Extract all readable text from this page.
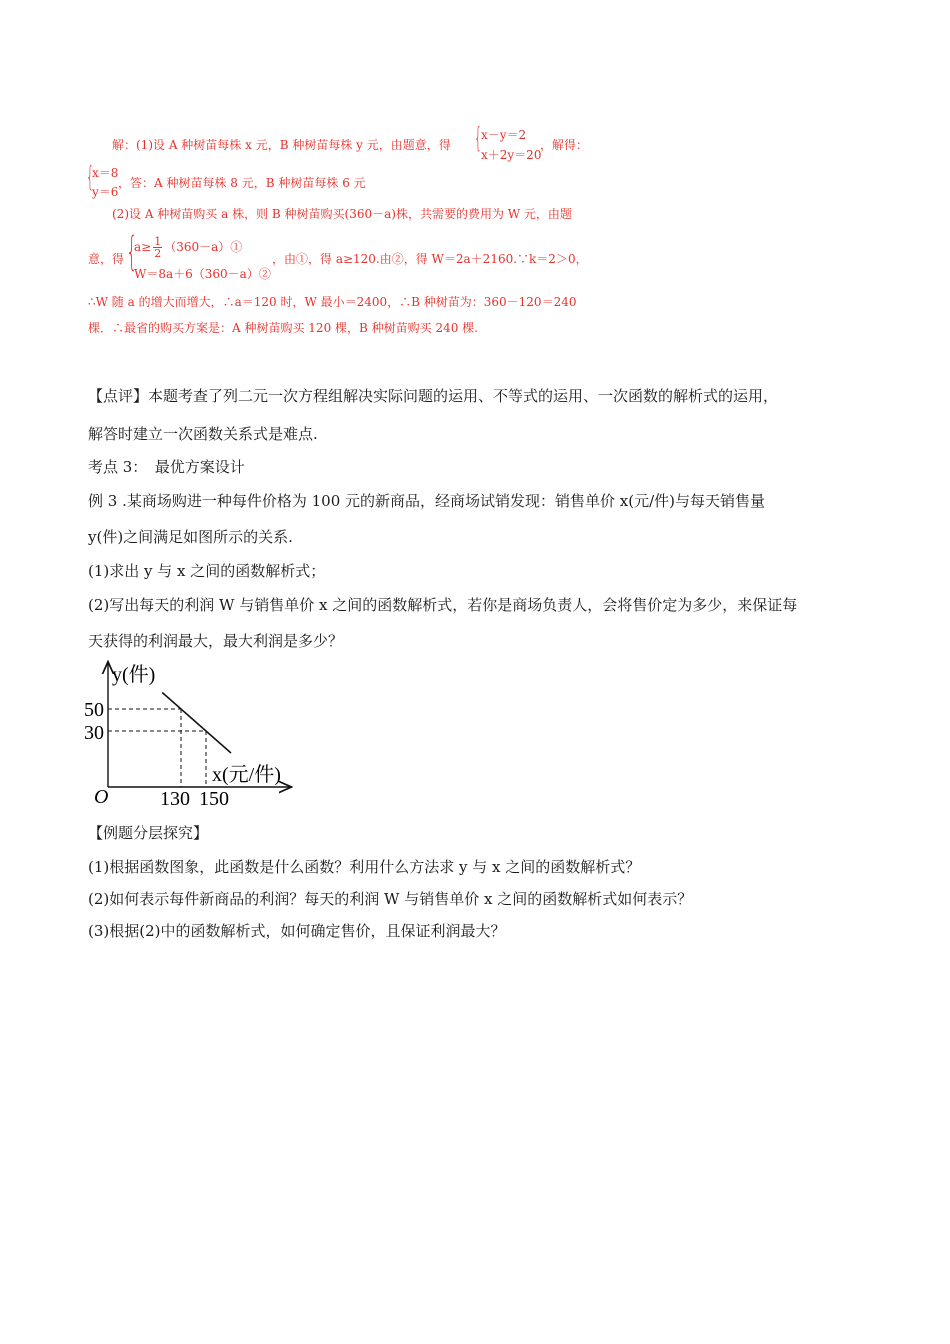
解：(1)设 A 种树苗每株 x 元，B 种树苗每株 y 元，由题意，得 {
x－y＝2
x＋2y＝20
，解得：
{
x＝8
y＝6
，答：A 种树苗每株 8 元，B 种树苗每株 6 元
(2)设 A 种树苗购买 a 株，则 B 种树苗购买(360－a)株，共需要的费用为 W 元，由题
意，得 {
$a\ge \frac{1}{2}$ （360－a）①
W＝8a＋6（360－a）②
，由①，得 a≥120.由②，得 W＝2a＋2160.∵k＝2＞0，
∴W 随 a 的增大而增大，∴a＝120 时，W 最小＝2400，∴B 种树苗为：360－120＝240
棵．∴最省的购买方案是：A 种树苗购买 120 棵，B 种树苗购买 240 棵.
【点评】本题考查了列二元一次方程组解决实际问题的运用、不等式的运用、一次函数的解析式的运用，
解答时建立一次函数关系式是难点.
考点 3：　最优方案设计
例 3 .某商场购进一种每件价格为 100 元的新商品，经商场试销发现：销售单价 x(元/件)与每天销售量
y(件)之间满足如图所示的关系.
(1)求出 y 与 x 之间的函数解析式；
(2)写出每天的利润 W 与销售单价 x 之间的函数解析式，若你是商场负责人，会将售价定为多少，来保证每
天获得的利润最大，最大利润是多少？
y(件)
x(元/件)
O
50
30
130 150
【例题分层探究】
(1)根据函数图象，此函数是什么函数？利用什么方法求 y 与 x 之间的函数解析式？
(2)如何表示每件新商品的利润？每天的利润 W 与销售单价 x 之间的函数解析式如何表示？
(3)根据(2)中的函数解析式，如何确定售价，且保证利润最大？
